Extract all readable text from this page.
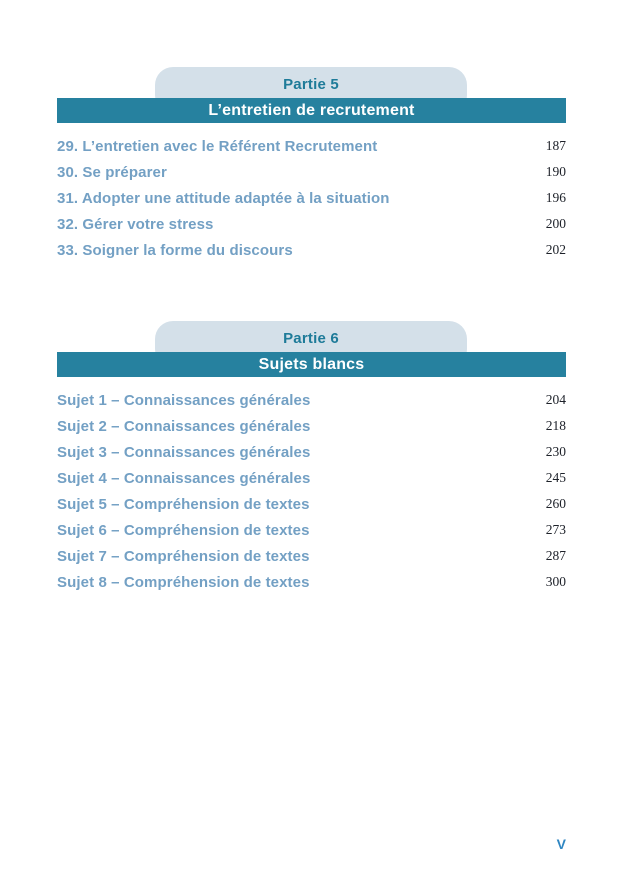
Partie 5
L’entretien de recrutement
29. L’entretien avec le Référent Recrutement	187
30. Se préparer	190
31. Adopter une attitude adaptée à la situation	196
32. Gérer votre stress	200
33. Soigner la forme du discours	202
Partie 6
Sujets blancs
Sujet 1 – Connaissances générales	204
Sujet 2 – Connaissances générales	218
Sujet 3 – Connaissances générales	230
Sujet 4 – Connaissances générales	245
Sujet 5 – Compréhension de textes	260
Sujet 6 – Compréhension de textes	273
Sujet 7 – Compréhension de textes	287
Sujet 8 – Compréhension de textes	300
V
